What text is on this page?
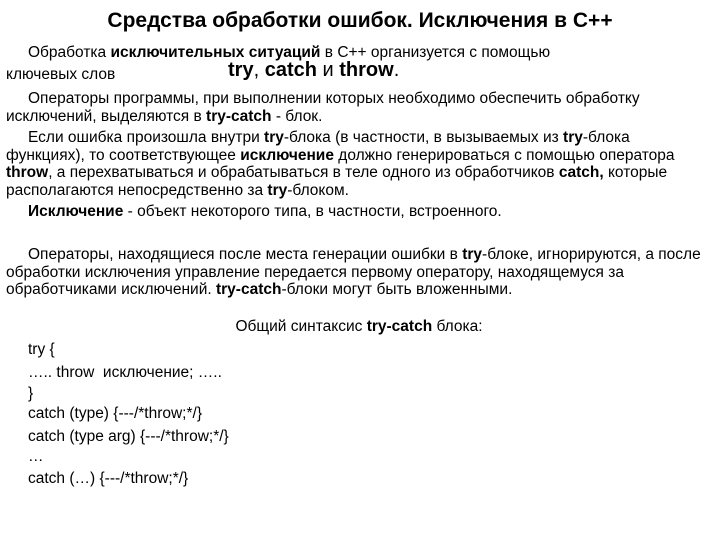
Средства обработки ошибок. Исключения в С++
Обработка исключительных ситуаций в С++ организуется с помощью
ключевых слов	try, catch и throw.
Операторы программы, при выполнении которых необходимо обеспечить обработку исключений, выделяются в try-catch - блок.
Если ошибка произошла внутри try-блока (в частности, в вызываемых из try-блока функциях), то соответствующее исключение должно генерироваться с помощью оператора throw, а перехватываться и обрабатываться в теле одного из обработчиков catch, которые располагаются непосредственно за try-блоком.
Исключение - объект некоторого типа, в частности, встроенного.
Операторы, находящиеся после места генерации ошибки в try-блоке, игнорируются, а после обработки исключения управление передается первому оператору, находящемуся за обработчиками исключений. try-catch-блоки могут быть вложенными.
Общий синтаксис try-catch блока:
try {
….. throw  исключение; …..
}
catch (type) {---/*throw;*/}
catch (type arg) {---/*throw;*/}
…
catch (…) {---/*throw;*/}
